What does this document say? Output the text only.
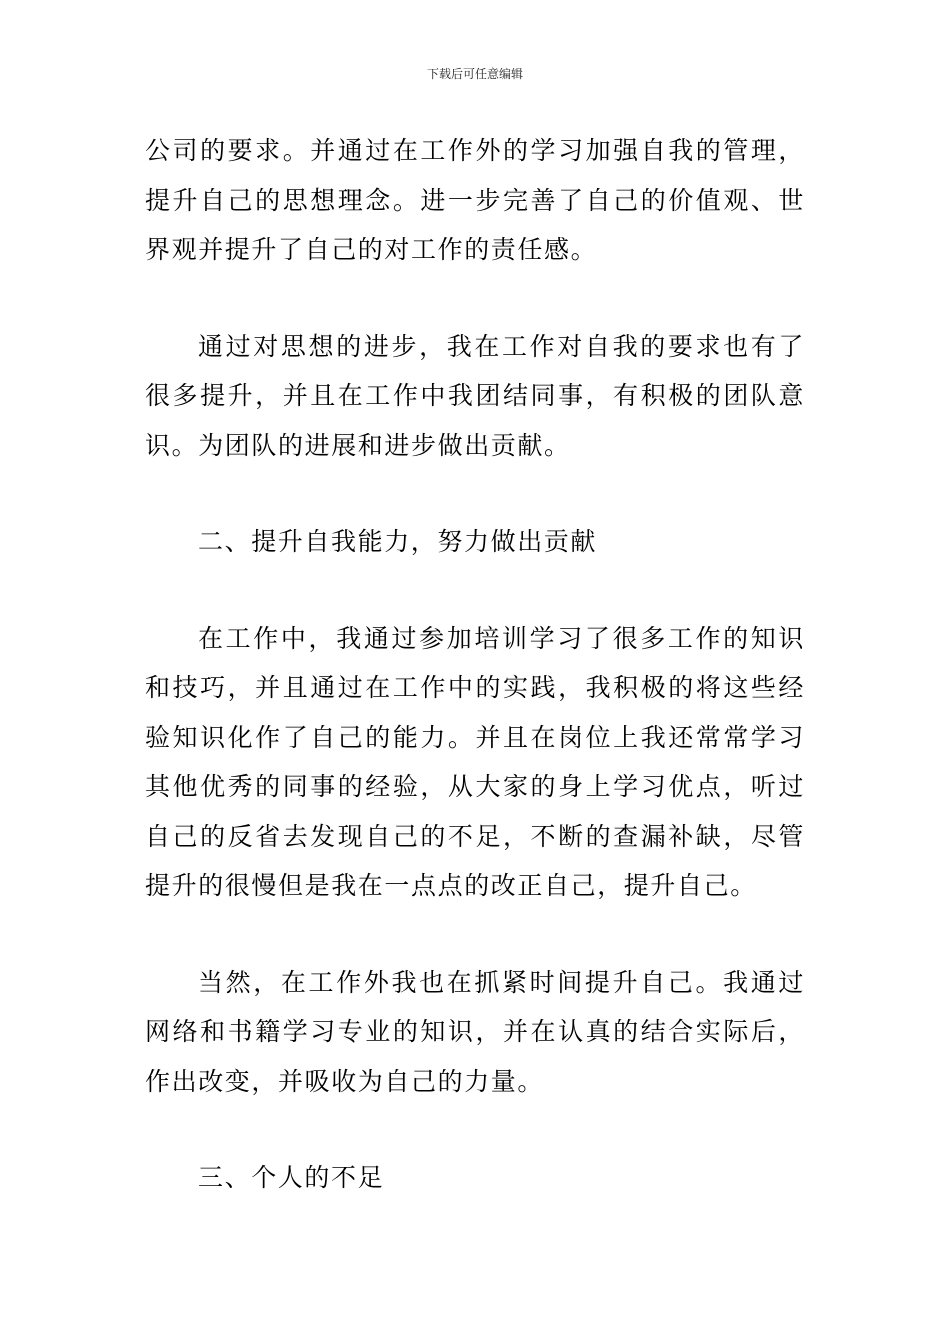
下载后可任意编辑

公司的要求。并通过在工作外的学习加强自我的管理，提升自己的思想理念。进一步完善了自己的价值观、世界观并提升了自己的对工作的责任感。

通过对思想的进步，我在工作对自我的要求也有了很多提升，并且在工作中我团结同事，有积极的团队意识。为团队的进展和进步做出贡献。

二、提升自我能力，努力做出贡献

在工作中，我通过参加培训学习了很多工作的知识和技巧，并且通过在工作中的实践，我积极的将这些经验知识化作了自己的能力。并且在岗位上我还常常学习其他优秀的同事的经验，从大家的身上学习优点，听过自己的反省去发现自己的不足，不断的查漏补缺，尽管提升的很慢但是我在一点点的改正自己，提升自己。

当然，在工作外我也在抓紧时间提升自己。我通过网络和书籍学习专业的知识，并在认真的结合实际后，作出改变，并吸收为自己的力量。

三、个人的不足
